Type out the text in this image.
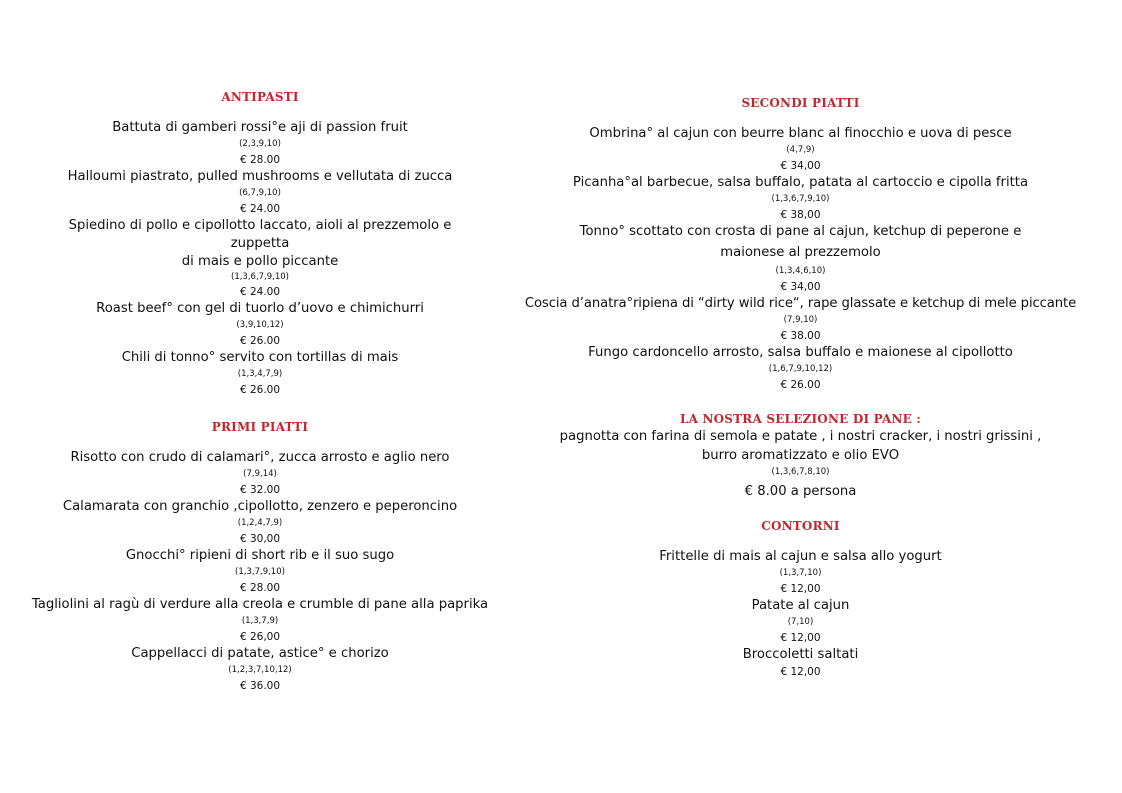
ANTIPASTI
Battuta di gamberi rossi°e aji di passion fruit
(2,3,9,10)
€ 28.00
Halloumi piastrato, pulled mushrooms e vellutata di zucca
(6,7,9,10)
€ 24.00
Spiedino di pollo e cipollotto laccato, aioli al prezzemolo e zuppetta
di mais e pollo piccante
(1,3,6,7,9,10)
€ 24.00
Roast beef° con gel di tuorlo d’uovo e chimichurri
(3,9,10,12)
€ 26.00
Chili di tonno° servito con tortillas di mais
(1,3,4,7,9)
€ 26.00
PRIMI PIATTI
Risotto con crudo di calamari°, zucca arrosto e aglio nero
(7,9,14)
€ 32.00
Calamarata con granchio ,cipollotto, zenzero e peperoncino
(1,2,4,7,9)
€ 30,00
Gnocchi° ripieni di short rib e il suo sugo
(1,3,7,9,10)
€ 28.00
Tagliolini al ragù di verdure alla creola e crumble di pane alla paprika
(1,3,7,9)
€ 26,00
Cappellacci di patate, astice° e chorizo
(1,2,3,7,10,12)
€ 36.00
SECONDI PIATTI
Ombrina° al cajun con beurre blanc al finocchio e uova di pesce
(4,7,9)
€ 34,00
Picanha°al barbecue, salsa buffalo, patata al cartoccio e cipolla fritta
(1,3,6,7,9,10)
€ 38,00
Tonno° scottato con crosta di pane al cajun, ketchup di peperone e
maionese al prezzemolo
(1,3,4,6,10)
€ 34,00
Coscia d’anatra°ripiena di “dirty wild rice“, rape glassate e ketchup di mele piccante
(7,9,10)
€ 38.00
Fungo cardoncello arrosto, salsa buffalo e maionese al cipollotto
(1,6,7,9,10,12)
€ 26.00
LA NOSTRA SELEZIONE DI PANE :
pagnotta con farina di semola e patate , i nostri cracker, i nostri grissini ,
burro aromatizzato e olio EVO
(1,3,6,7,8,10)
€ 8.00 a persona
CONTORNI
Frittelle di mais al cajun e salsa allo yogurt
(1,3,7,10)
€ 12,00
Patate al cajun
(7,10)
€ 12,00
Broccoletti saltati
€ 12,00
